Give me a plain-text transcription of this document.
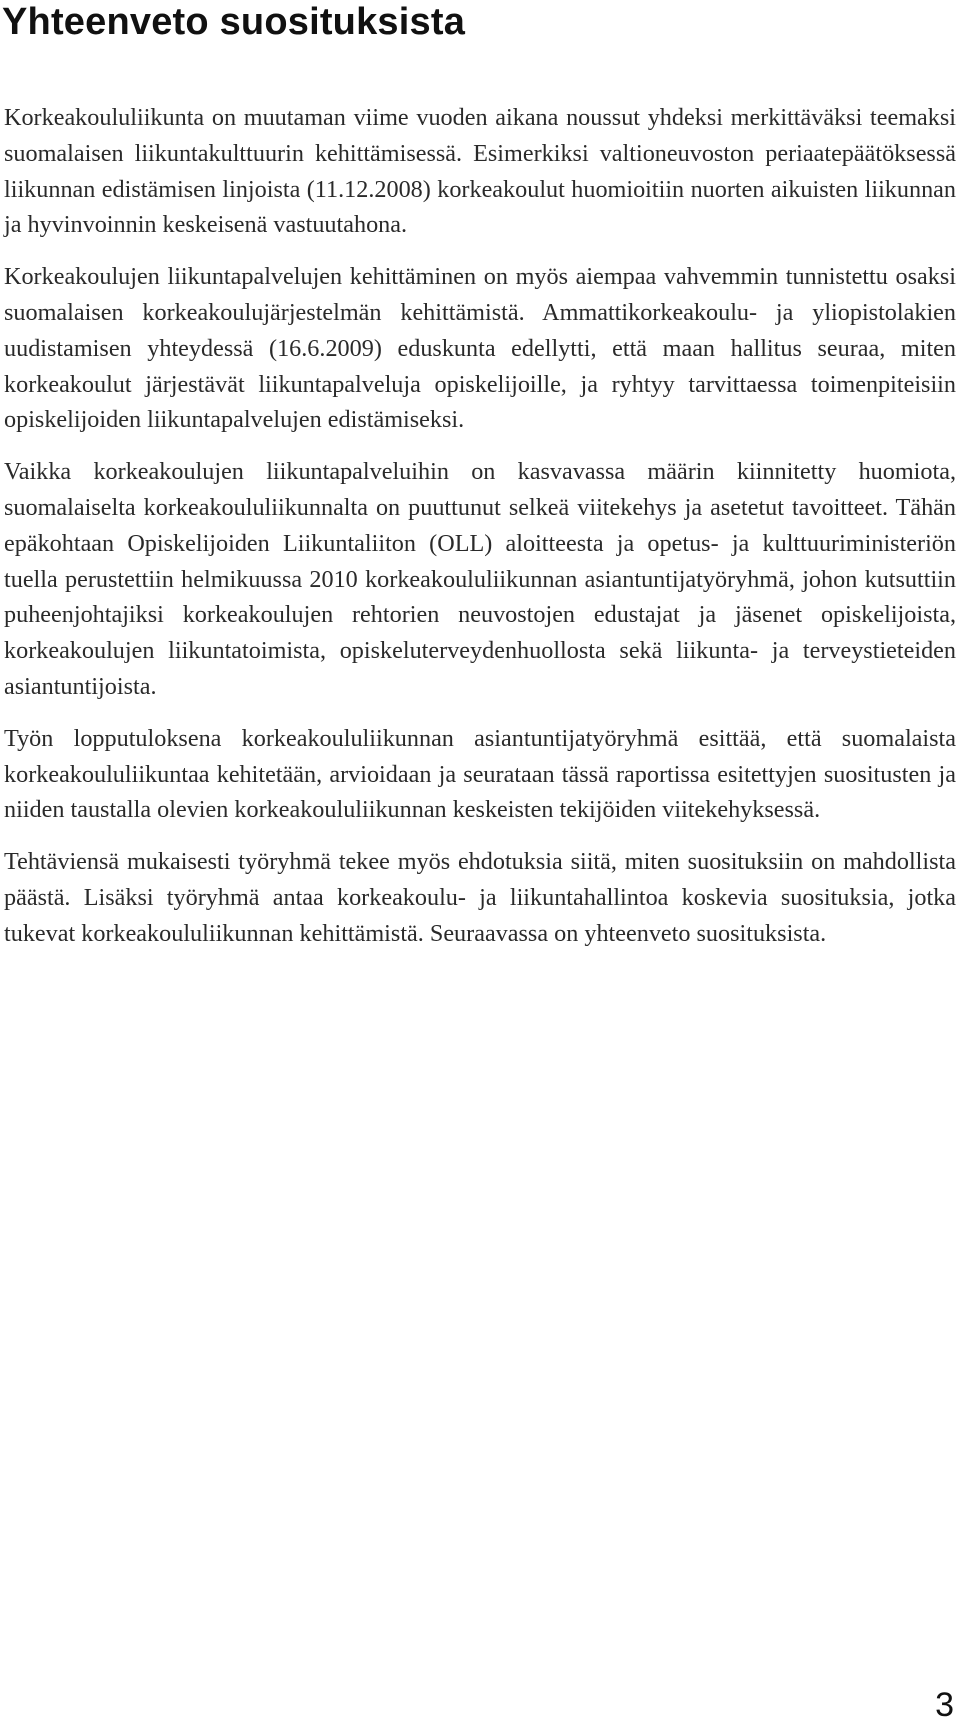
Yhteenveto suosituksista

Korkeakoululiikunta on muutaman viime vuoden aikana noussut yhdeksi merkittäväksi teemaksi suomalaisen liikuntakulttuurin kehittämisessä. Esimerkiksi valtioneuvoston periaatepäätöksessä liikunnan edistämisen linjoista (11.12.2008) korkeakoulut huomioitiin nuorten aikuisten liikunnan ja hyvinvoinnin keskeisenä vastuutahona.

Korkeakoulujen liikuntapalvelujen kehittäminen on myös aiempaa vahvemmin tunnistettu osaksi suomalaisen korkeakoulujärjestelmän kehittämistä. Ammattikorkeakoulu- ja yliopistolakien uudistamisen yhteydessä (16.6.2009) eduskunta edellytti, että maan hallitus seuraa, miten korkeakoulut järjestävät liikuntapalveluja opiskelijoille, ja ryhtyy tarvittaessa toimenpiteisiin opiskelijoiden liikuntapalvelujen edistämiseksi.

Vaikka korkeakoulujen liikuntapalveluihin on kasvavassa määrin kiinnitetty huomiota, suomalaiselta korkeakoululiikunnalta on puuttunut selkeä viitekehys ja asetetut tavoitteet. Tähän epäkohtaan Opiskelijoiden Liikuntaliiton (OLL) aloitteesta ja opetus- ja kulttuuriministeriön tuella perustettiin helmikuussa 2010 korkeakoululiikunnan asiantuntijatyöryhmä, johon kutsuttiin puheenjohtajiksi korkeakoulujen rehtorien neuvostojen edustajat ja jäsenet opiskelijoista, korkeakoulujen liikuntatoimista, opiskeluterveydenhuollosta sekä liikunta- ja terveystieteiden asiantuntijoista.

Työn lopputuloksena korkeakoululiikunnan asiantuntijatyöryhmä esittää, että suomalaista korkeakoululiikuntaa kehitetään, arvioidaan ja seurataan tässä raportissa esitettyjen suositusten ja niiden taustalla olevien korkeakoululiikunnan keskeisten tekijöiden viitekehyksessä.

Tehtäviensä mukaisesti työryhmä tekee myös ehdotuksia siitä, miten suosituksiin on mahdollista päästä. Lisäksi työryhmä antaa korkeakoulu- ja liikuntahallintoa koskevia suosituksia, jotka tukevat korkeakoululiikunnan kehittämistä. Seuraavassa on yhteenveto suosituksista.

3
